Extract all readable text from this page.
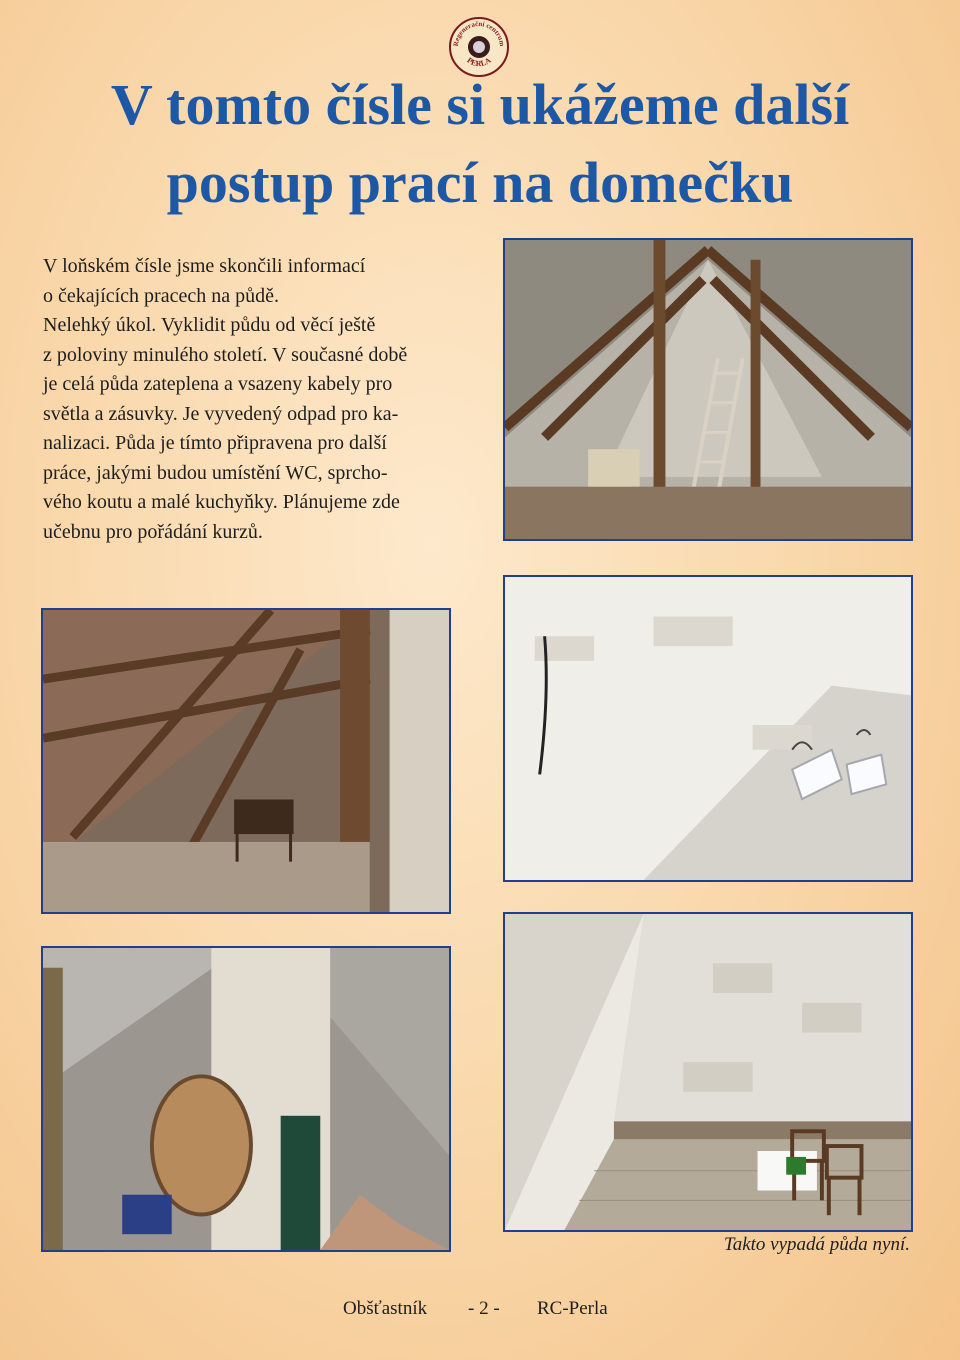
Regenerační centrum
PERLA
V tomto čísle si ukážeme další
postup prací na domečku
V loňském čísle jsme skončili informací
o čekajících pracech na půdě.
Nelehký úkol. Vyklidit půdu od věcí ještě
z poloviny minulého století. V současné době
je celá půda zateplena a vsazeny kabely pro
světla a zásuvky. Je vyvedený odpad pro ka-
nalizaci. Půda je tímto připravena pro další
práce, jakými budou umístění WC, sprcho-
vého koutu a malé kuchyňky. Plánujeme zde
učebnu pro pořádání kurzů.
Takto vypadá půda nyní.
Obšťastník - 2 - RC-Perla
